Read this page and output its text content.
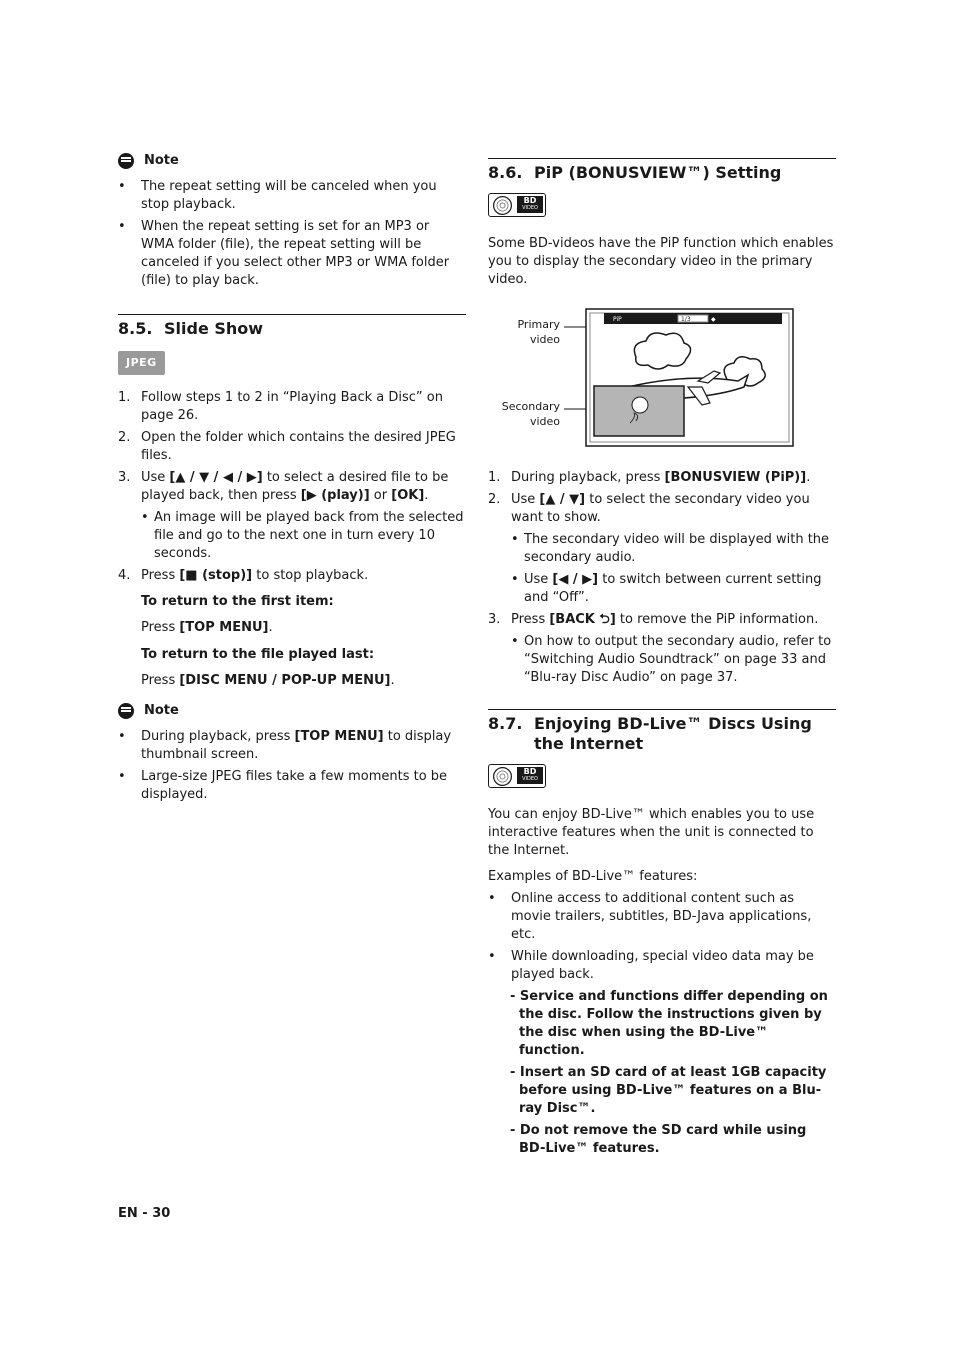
Note
• The repeat setting will be canceled when you stop playback.
• When the repeat setting is set for an MP3 or WMA folder (file), the repeat setting will be canceled if you select other MP3 or WMA folder (file) to play back.
8.5. Slide Show
JPEG
1. Follow steps 1 to 2 in “Playing Back a Disc” on page 26.
2. Open the folder which contains the desired JPEG files.
3. Use [▲ / ▼ / ◀ / ▶] to select a desired file to be played back, then press [▶ (play)] or [OK].
• An image will be played back from the selected file and go to the next one in turn every 10 seconds.
4. Press [■ (stop)] to stop playback.
To return to the first item:
Press [TOP MENU].
To return to the file played last:
Press [DISC MENU / POP-UP MENU].
Note
• During playback, press [TOP MENU] to display thumbnail screen.
• Large-size JPEG files take a few moments to be displayed.
8.6. PiP (BONUSVIEW™) Setting
BD
VIDEO

Some BD-videos have the PiP function which enables you to display the secondary video in the primary video.

Primary
video
Secondary
video
PiP	1/3	◆
1. During playback, press [BONUSVIEW (PiP)].
2. Use [▲ / ▼] to select the secondary video you want to show.
• The secondary video will be displayed with the secondary audio.
• Use [◀ / ▶] to switch between current setting and “Off”.
3. Press [BACK ⮌] to remove the PiP information.
• On how to output the secondary audio, refer to “Switching Audio Soundtrack” on page 33 and “Blu-ray Disc Audio” on page 37.
8.7. Enjoying BD-Live™ Discs Using the Internet
BD
VIDEO

You can enjoy BD-Live™ which enables you to use interactive features when the unit is connected to the Internet.

Examples of BD-Live™ features:

• Online access to additional content such as movie trailers, subtitles, BD-Java applications, etc.
• While downloading, special video data may be played back.
- Service and functions differ depending on the disc. Follow the instructions given by the disc when using the BD-Live™ function.
- Insert an SD card of at least 1GB capacity before using BD-Live™ features on a Blu-ray Disc™.
- Do not remove the SD card while using BD-Live™ features.
EN - 30
